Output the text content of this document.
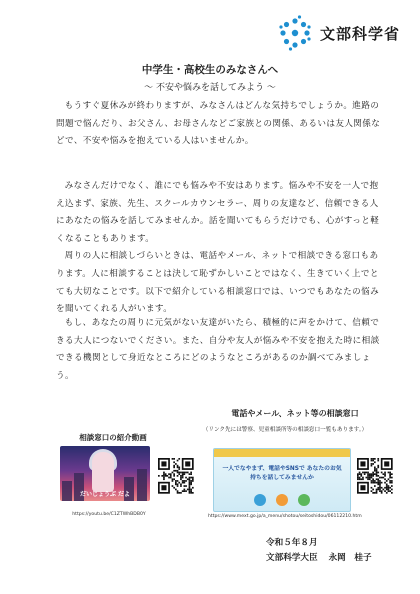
文部科学省
中学生・高校生のみなさんへ
～ 不安や悩みを話してみよう ～

もうすぐ夏休みが終わりますが、みなさんはどんな気持ちでしょうか。進路の問題で悩んだり、お父さん、お母さんなどご家族との関係、あるいは友人関係などで、不安や悩みを抱えている人はいませんか。

みなさんだけでなく、誰にでも悩みや不安はあります。悩みや不安を一人で抱え込まず、家族、先生、スクールカウンセラー、周りの友達など、信頼できる人にあなたの悩みを話してみませんか。話を聞いてもらうだけでも、心がすっと軽くなることもあります。

周りの人に相談しづらいときは、電話やメール、ネットで相談できる窓口もあります。人に相談することは決して恥ずかしいことではなく、生きていく上でとても大切なことです。以下で紹介している相談窓口では、いつでもあなたの悩みを聞いてくれる人がいます。

もし、あなたの周りに元気がない友達がいたら、積極的に声をかけて、信頼できる大人につないでください。また、自分や友人が悩みや不安を抱えた時に相談できる機関として身近なところにどのようなところがあるのか調べてみましょう。

相談窓口の紹介動画
だいじょうぶ だよ
https://youtu.be/C1ZTWhBDB0Y
電話やメール、ネット等の相談窓口
（リンク先には警察、児童相談所等の相談窓口一覧もあります。）
一人でなやまず、電話やSNSで あなたのお気持ちを話してみませんか
https://www.mext.go.jp/a_menu/shotou/seitoshidou/06112210.htm
令和５年８月
文部科学大臣 永岡　桂子
